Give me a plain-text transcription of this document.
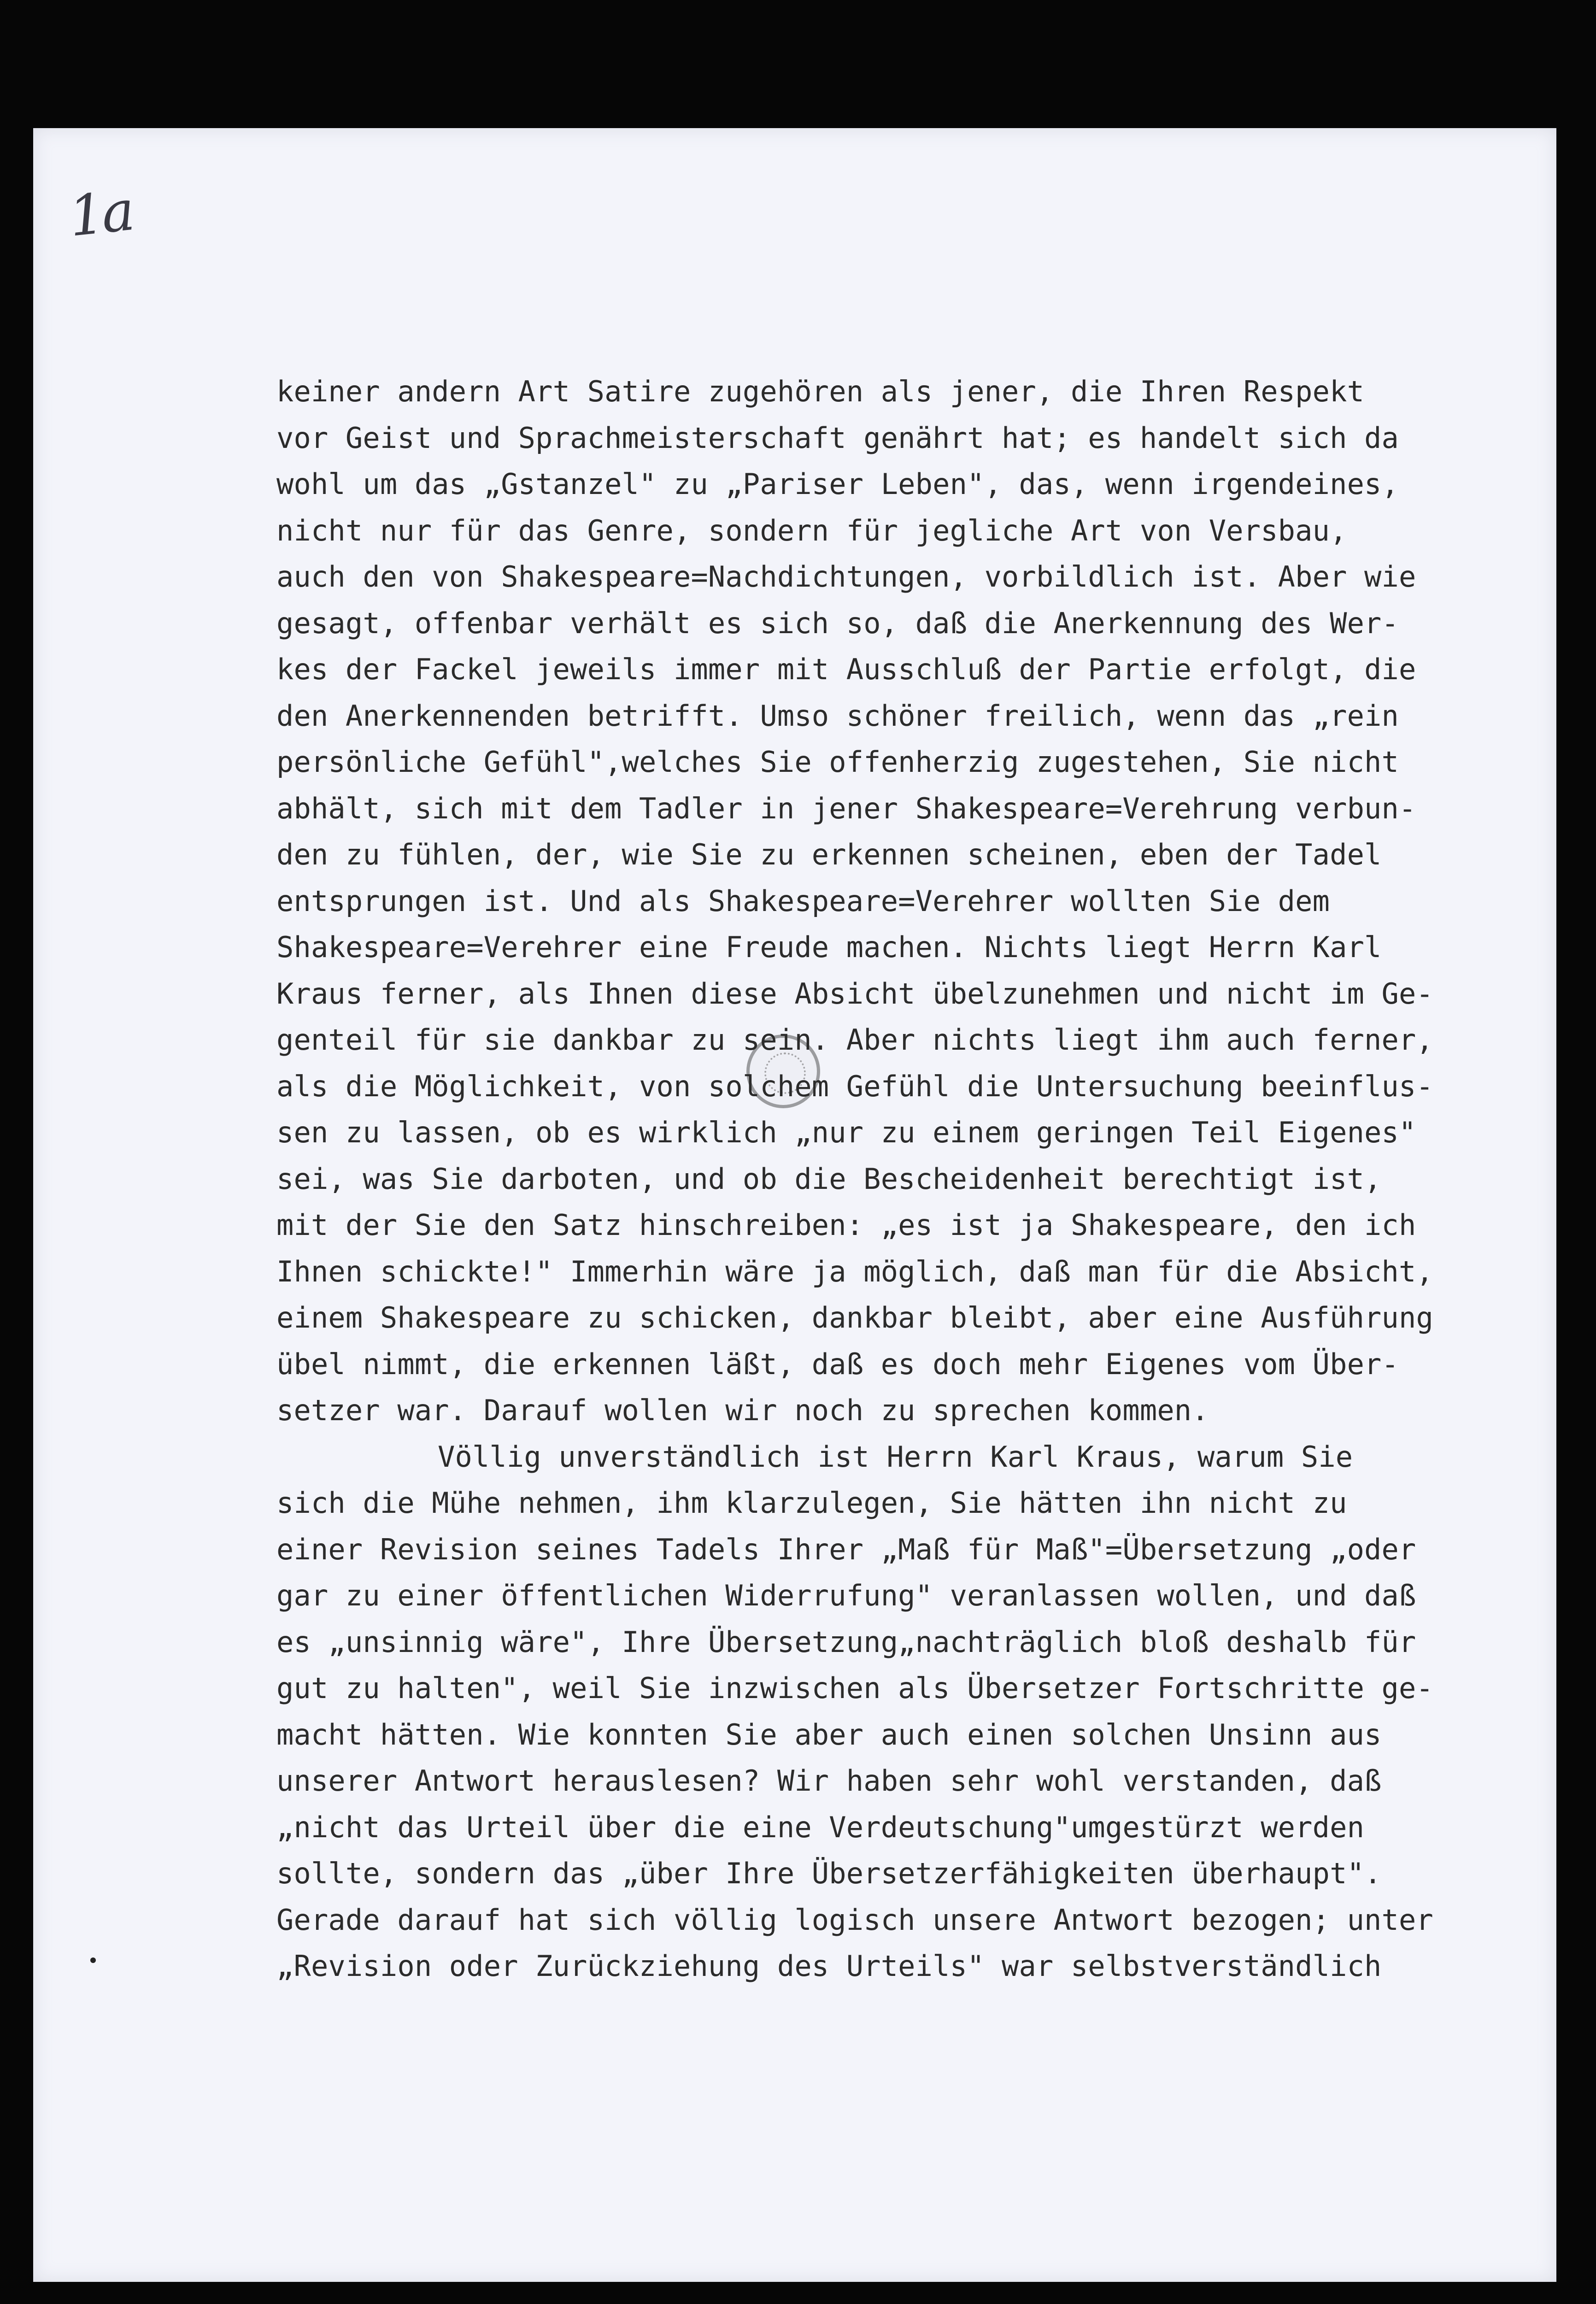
1a
keiner andern Art Satire zugehören als jener, die Ihren Respekt
vor Geist und Sprachmeisterschaft genährt hat; es handelt sich da
wohl um das „Gstanzel" zu „Pariser Leben", das, wenn irgendeines,
nicht nur für das Genre, sondern für jegliche Art von Versbau,
auch den von Shakespeare=Nachdichtungen, vorbildlich ist. Aber wie
gesagt, offenbar verhält es sich so, daß die Anerkennung des Wer-
kes der Fackel jeweils immer mit Ausschluß der Partie erfolgt, die
den Anerkennenden betrifft. Umso schöner freilich, wenn das „rein
persönliche Gefühl",welches Sie offenherzig zugestehen, Sie nicht
abhält, sich mit dem Tadler in jener Shakespeare=Verehrung verbun-
den zu fühlen, der, wie Sie zu erkennen scheinen, eben der Tadel
entsprungen ist. Und als Shakespeare=Verehrer wollten Sie dem
Shakespeare=Verehrer eine Freude machen. Nichts liegt Herrn Karl
Kraus ferner, als Ihnen diese Absicht übelzunehmen und nicht im Ge-
genteil für sie dankbar zu sein. Aber nichts liegt ihm auch ferner,
als die Möglichkeit, von solchem Gefühl die Untersuchung beeinflus-
sen zu lassen, ob es wirklich „nur zu einem geringen Teil Eigenes"
sei, was Sie darboten, und ob die Bescheidenheit berechtigt ist,
mit der Sie den Satz hinschreiben: „es ist ja Shakespeare, den ich
Ihnen schickte!" Immerhin wäre ja möglich, daß man für die Absicht,
einem Shakespeare zu schicken, dankbar bleibt, aber eine Ausführung
übel nimmt, die erkennen läßt, daß es doch mehr Eigenes vom Über-
setzer war. Darauf wollen wir noch zu sprechen kommen.
Völlig unverständlich ist Herrn Karl Kraus, warum Sie
sich die Mühe nehmen, ihm klarzulegen, Sie hätten ihn nicht zu
einer Revision seines Tadels Ihrer „Maß für Maß"=Übersetzung „oder
gar zu einer öffentlichen Widerrufung" veranlassen wollen, und daß
es „unsinnig wäre", Ihre Übersetzung„nachträglich bloß deshalb für
gut zu halten", weil Sie inzwischen als Übersetzer Fortschritte ge-
macht hätten. Wie konnten Sie aber auch einen solchen Unsinn aus
unserer Antwort herauslesen? Wir haben sehr wohl verstanden, daß
„nicht das Urteil über die eine Verdeutschung"umgestürzt werden
sollte, sondern das „über Ihre Übersetzerfähigkeiten überhaupt".
Gerade darauf hat sich völlig logisch unsere Antwort bezogen; unter
„Revision oder Zurückziehung des Urteils" war selbstverständlich
